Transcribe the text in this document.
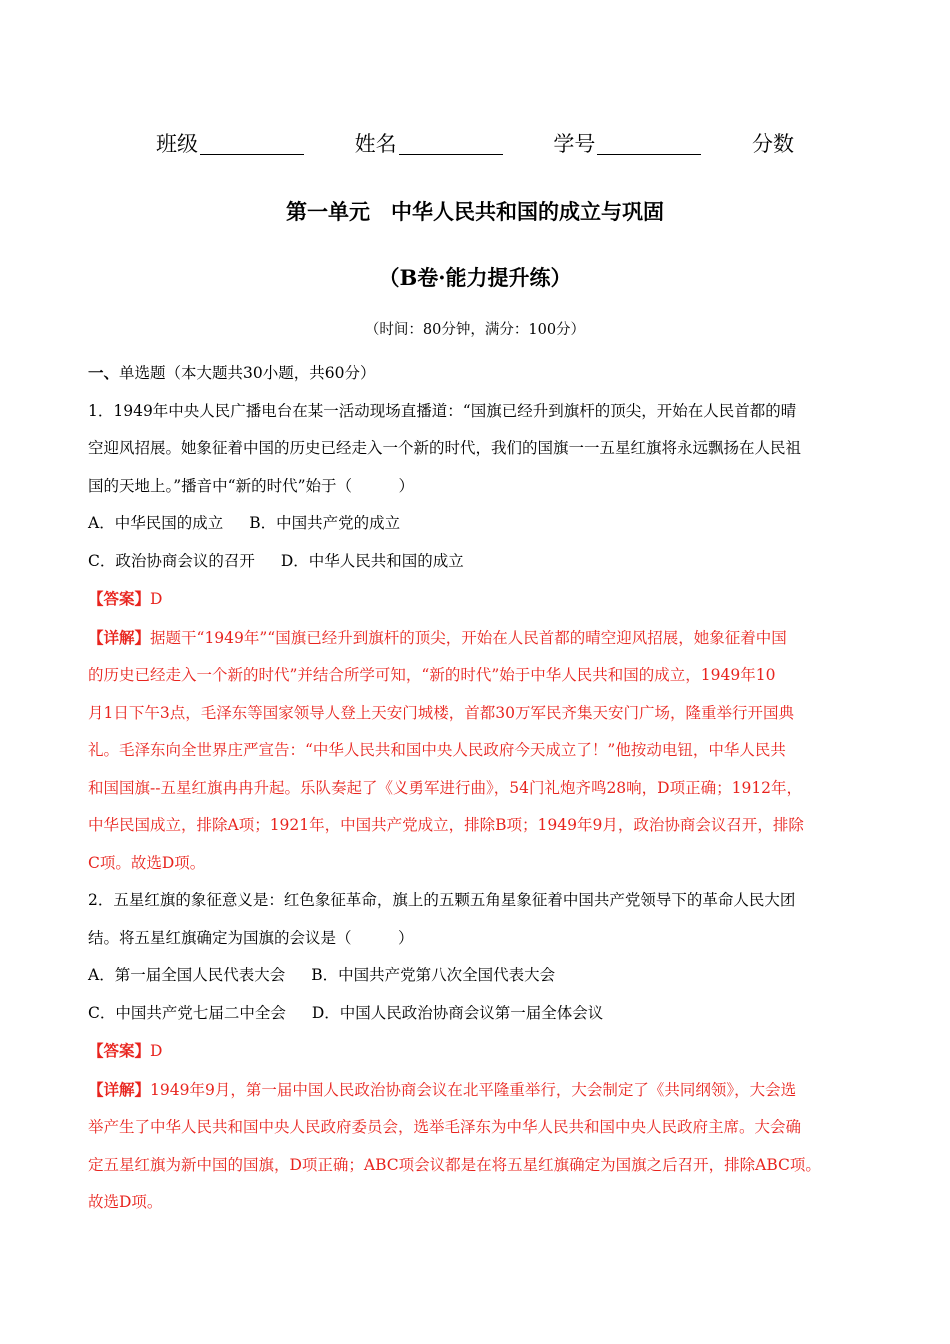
班级	姓名	学号	分数
第一单元　中华人民共和国的成立与巩固
（B卷·能力提升练）
（时间：80分钟，满分：100分）

一、单选题（本大题共30小题，共60分）

1．1949年中央人民广播电台在某一活动现场直播道：“国旗已经升到旗杆的顶尖，开始在人民首都的晴

空迎风招展。她象征着中国的历史已经走入一个新的时代，我们的国旗一一五星红旗将永远飘扬在人民祖

国的天地上。”播音中“新的时代”始于（　　　）

A．中华民国的成立 B．中国共产党的成立

C．政治协商会议的召开 D．中华人民共和国的成立

【答案】D

【详解】据题干“1949年”“国旗已经升到旗杆的顶尖，开始在人民首都的晴空迎风招展，她象征着中国

的历史已经走入一个新的时代”并结合所学可知，“新的时代”始于中华人民共和国的成立，1949年10

月1日下午3点，毛泽东等国家领导人登上天安门城楼，首都30万军民齐集天安门广场，隆重举行开国典

礼。毛泽东向全世界庄严宣告：“中华人民共和国中央人民政府今天成立了！”他按动电钮，中华人民共

和国国旗--五星红旗冉冉升起。乐队奏起了《义勇军进行曲》，54门礼炮齐鸣28响，D项正确；1912年，

中华民国成立，排除A项；1921年，中国共产党成立，排除B项；1949年9月，政治协商会议召开，排除

C项。故选D项。

2．五星红旗的象征意义是：红色象征革命，旗上的五颗五角星象征着中国共产党领导下的革命人民大团

结。将五星红旗确定为国旗的会议是（　　　）

A．第一届全国人民代表大会 B．中国共产党第八次全国代表大会

C．中国共产党七届二中全会 D．中国人民政治协商会议第一届全体会议

【答案】D

【详解】1949年9月，第一届中国人民政治协商会议在北平隆重举行，大会制定了《共同纲领》，大会选

举产生了中华人民共和国中央人民政府委员会，选举毛泽东为中华人民共和国中央人民政府主席。大会确

定五星红旗为新中国的国旗，D项正确；ABC项会议都是在将五星红旗确定为国旗之后召开，排除ABC项。

故选D项。
